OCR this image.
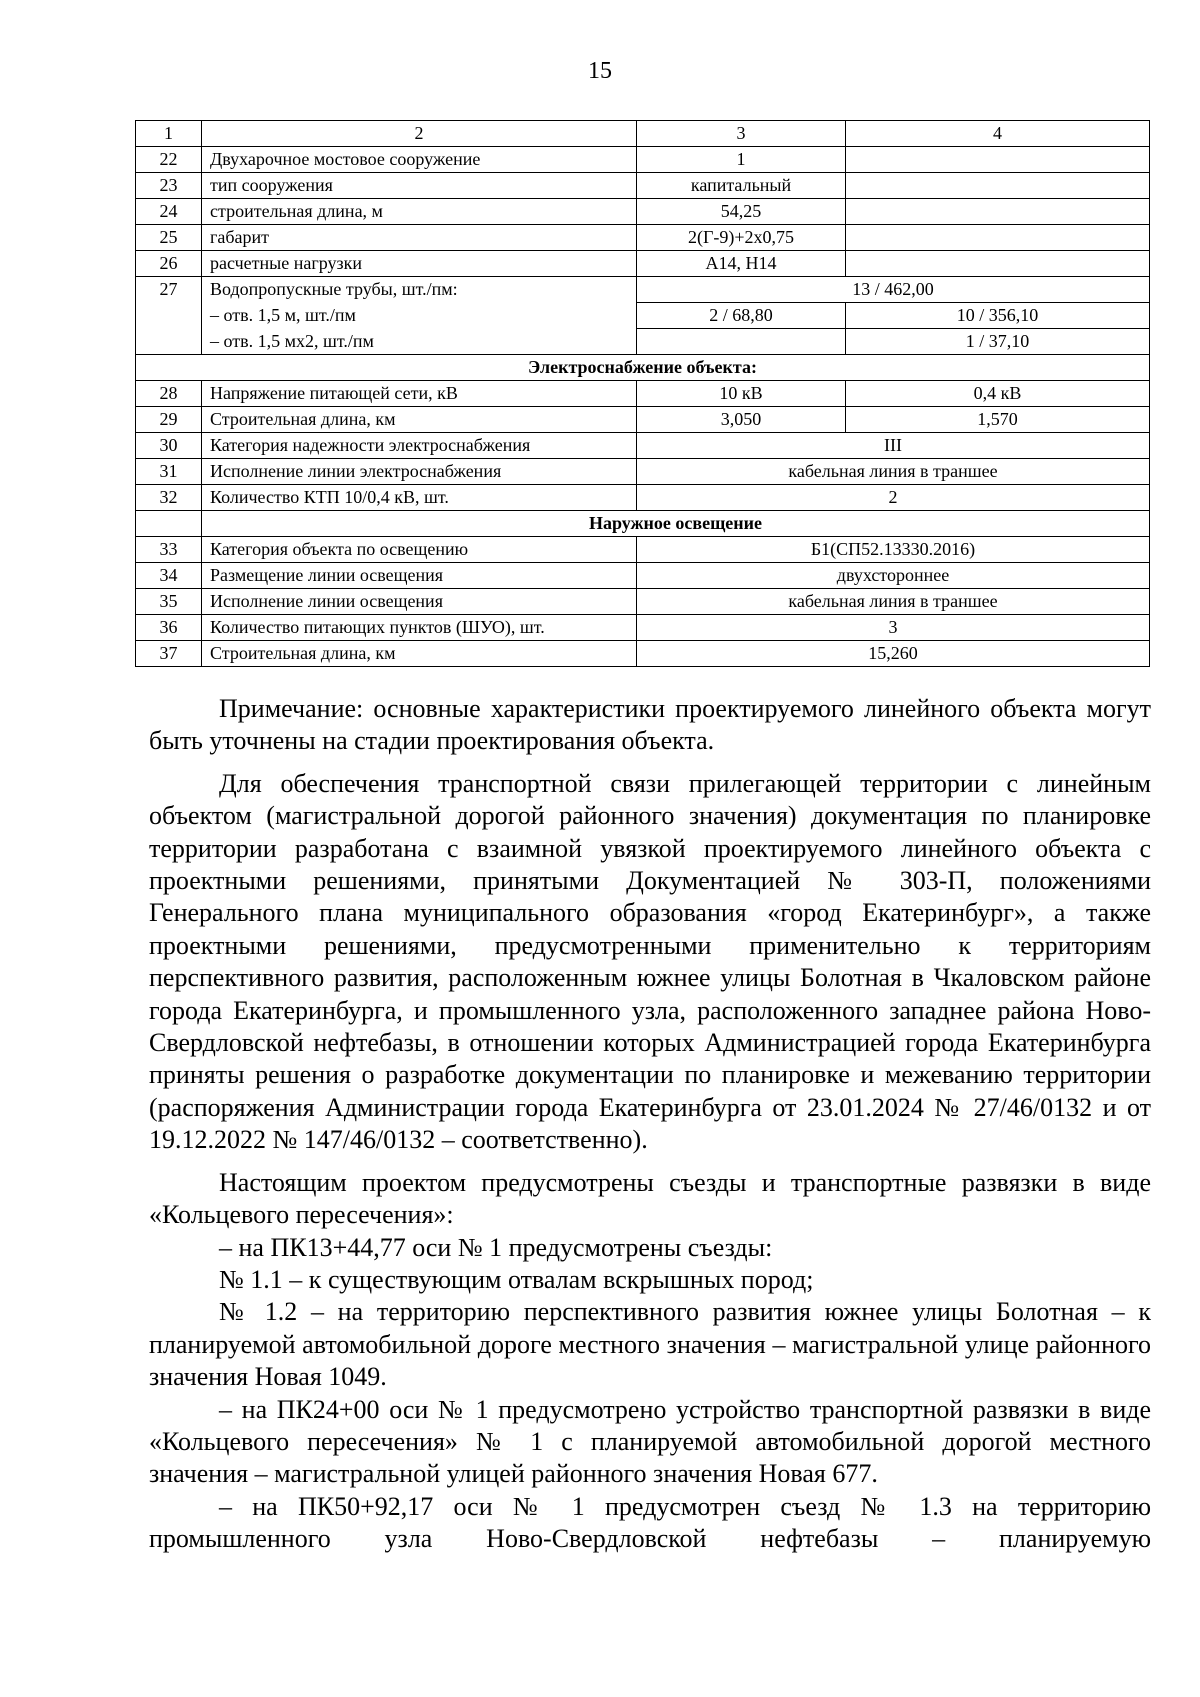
15
1	2	3	4
22	Двухарочное мостовое сооружение	1	
23	тип сооружения	капитальный	
24	строительная длина, м	54,25	
25	габарит	2(Г-9)+2х0,75	
26	расчетные нагрузки	А14, Н14	
27	Водопропускные трубы, шт./пм:	13 / 462,00	
	– отв. 1,5 м, шт./пм	2 / 68,80	10 / 356,10
	– отв. 1,5 мх2, шт./пм		1 / 37,10
Электроснабжение объекта:			
28	Напряжение питающей сети, кВ	10 кВ	0,4 кВ
29	Строительная длина, км	3,050	1,570
30	Категория надежности электроснабжения	III	
31	Исполнение линии электроснабжения	кабельная линия в траншее	
32	Количество КТП 10/0,4 кВ, шт.	2	
	Наружное освещение		
33	Категория объекта по освещению	Б1(СП52.13330.2016)	
34	Размещение линии освещения	двухстороннее	
35	Исполнение линии освещения	кабельная линия в траншее	
36	Количество питающих пунктов (ШУО), шт.	3	
37	Строительная длина, км	15,260	

Примечание: основные характеристики проектируемого линейного объекта могут быть уточнены на стадии проектирования объекта.

Для обеспечения транспортной связи прилегающей территории с линейным объектом (магистральной дорогой районного значения) документация по планировке территории разработана с взаимной увязкой проектируемого линейного объекта с проектными решениями, принятыми Документацией № 303-П, положениями Генерального плана муниципального образования «город Екатеринбург», а также проектными решениями, предусмотренными применительно к территориям перспективного развития, расположенным южнее улицы Болотная в Чкаловском районе города Екатеринбурга, и промышленного узла, расположенного западнее района Ново-Свердловской нефтебазы, в отношении которых Администрацией города Екатеринбурга приняты решения о разработке документации по планировке и межеванию территории (распоряжения Администрации города Екатеринбурга от 23.01.2024 № 27/46/0132 и от 19.12.2022 № 147/46/0132 – соответственно).

Настоящим проектом предусмотрены съезды и транспортные развязки в виде «Кольцевого пересечения»:

– на ПК13+44,77 оси № 1 предусмотрены съезды:

№ 1.1 – к существующим отвалам вскрышных пород;

№ 1.2 – на территорию перспективного развития южнее улицы Болотная – к планируемой автомобильной дороге местного значения – магистральной улице районного значения Новая 1049.

– на ПК24+00 оси № 1 предусмотрено устройство транспортной развязки в виде «Кольцевого пересечения» № 1 с планируемой автомобильной дорогой местного значения – магистральной улицей районного значения Новая 677.

– на ПК50+92,17 оси № 1 предусмотрен съезд № 1.3 на территорию промышленного узла Ново-Свердловской нефтебазы – планируемую
